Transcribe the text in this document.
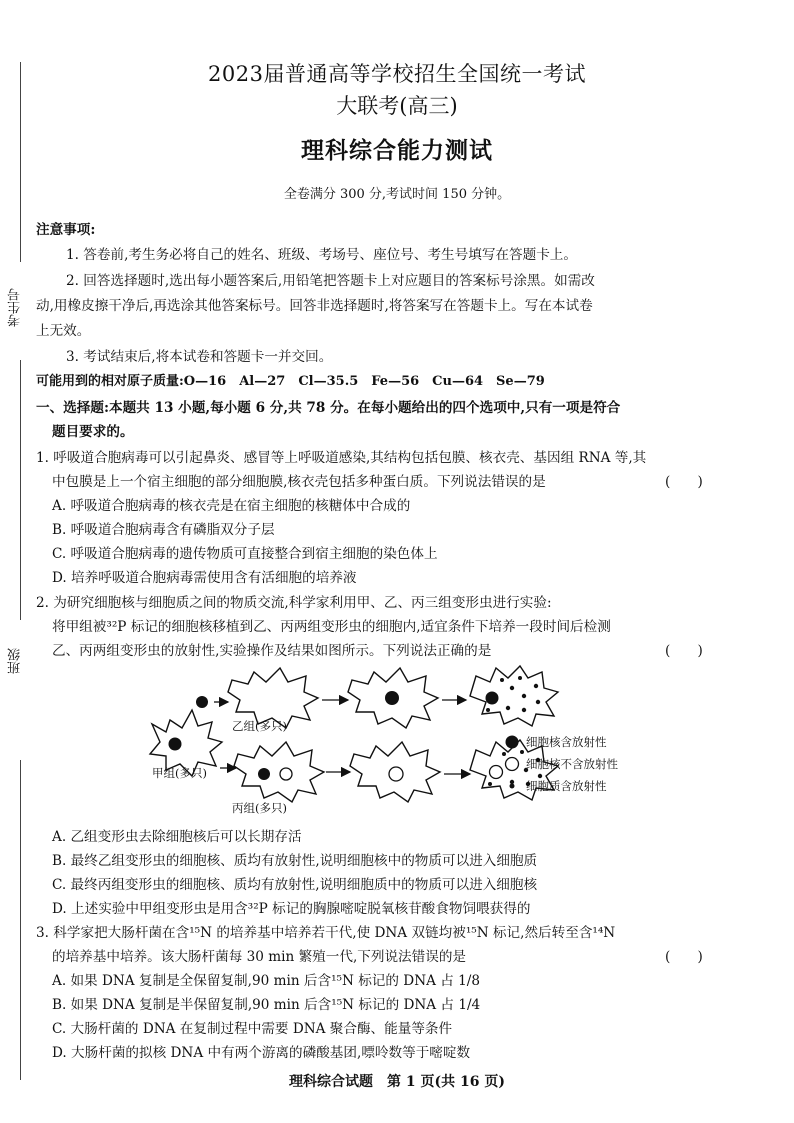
2023届普通高等学校招生全国统一考试
大联考(高三)
理科综合能力测试
全卷满分 300 分,考试时间 150 分钟。
考生号
班级
注意事项:
1. 答卷前,考生务必将自己的姓名、班级、考场号、座位号、考生号填写在答题卡上。
2. 回答选择题时,选出每小题答案后,用铅笔把答题卡上对应题目的答案标号涂黑。如需改
动,用橡皮擦干净后,再选涂其他答案标号。回答非选择题时,将答案写在答题卡上。写在本试卷
上无效。
3. 考试结束后,将本试卷和答题卡一并交回。
可能用到的相对原子质量:O—16　Al—27　Cl—35.5　Fe—56　Cu—64　Se—79
一、选择题:本题共 13 小题,每小题 6 分,共 78 分。在每小题给出的四个选项中,只有一项是符合
题目要求的。
1. 呼吸道合胞病毒可以引起鼻炎、感冒等上呼吸道感染,其结构包括包膜、核衣壳、基因组 RNA 等,其
中包膜是上一个宿主细胞的部分细胞膜,核衣壳包括多种蛋白质。下列说法错误的是	(　　)
A. 呼吸道合胞病毒的核衣壳是在宿主细胞的核糖体中合成的
B. 呼吸道合胞病毒含有磷脂双分子层
C. 呼吸道合胞病毒的遗传物质可直接整合到宿主细胞的染色体上
D. 培养呼吸道合胞病毒需使用含有活细胞的培养液
2. 为研究细胞核与细胞质之间的物质交流,科学家利用甲、乙、丙三组变形虫进行实验:
将甲组被³²P 标记的细胞核移植到乙、丙两组变形虫的细胞内,适宜条件下培养一段时间后检测
乙、丙两组变形虫的放射性,实验操作及结果如图所示。下列说法正确的是	(　　)
乙组(多只)
甲组(多只)
丙组(多只)
细胞核含放射性
细胞核不含放射性
细胞质含放射性
A. 乙组变形虫去除细胞核后可以长期存活
B. 最终乙组变形虫的细胞核、质均有放射性,说明细胞核中的物质可以进入细胞质
C. 最终丙组变形虫的细胞核、质均有放射性,说明细胞质中的物质可以进入细胞核
D. 上述实验中甲组变形虫是用含³²P 标记的胸腺嘧啶脱氧核苷酸食物饲喂获得的
3. 科学家把大肠杆菌在含¹⁵N 的培养基中培养若干代,使 DNA 双链均被¹⁵N 标记,然后转至含¹⁴N
的培养基中培养。该大肠杆菌每 30 min 繁殖一代,下列说法错误的是	(　　)
A. 如果 DNA 复制是全保留复制,90 min 后含¹⁵N 标记的 DNA 占 1/8
B. 如果 DNA 复制是半保留复制,90 min 后含¹⁵N 标记的 DNA 占 1/4
C. 大肠杆菌的 DNA 在复制过程中需要 DNA 聚合酶、能量等条件
D. 大肠杆菌的拟核 DNA 中有两个游离的磷酸基团,嘌呤数等于嘧啶数
理科综合试题　第 1 页(共 16 页)
